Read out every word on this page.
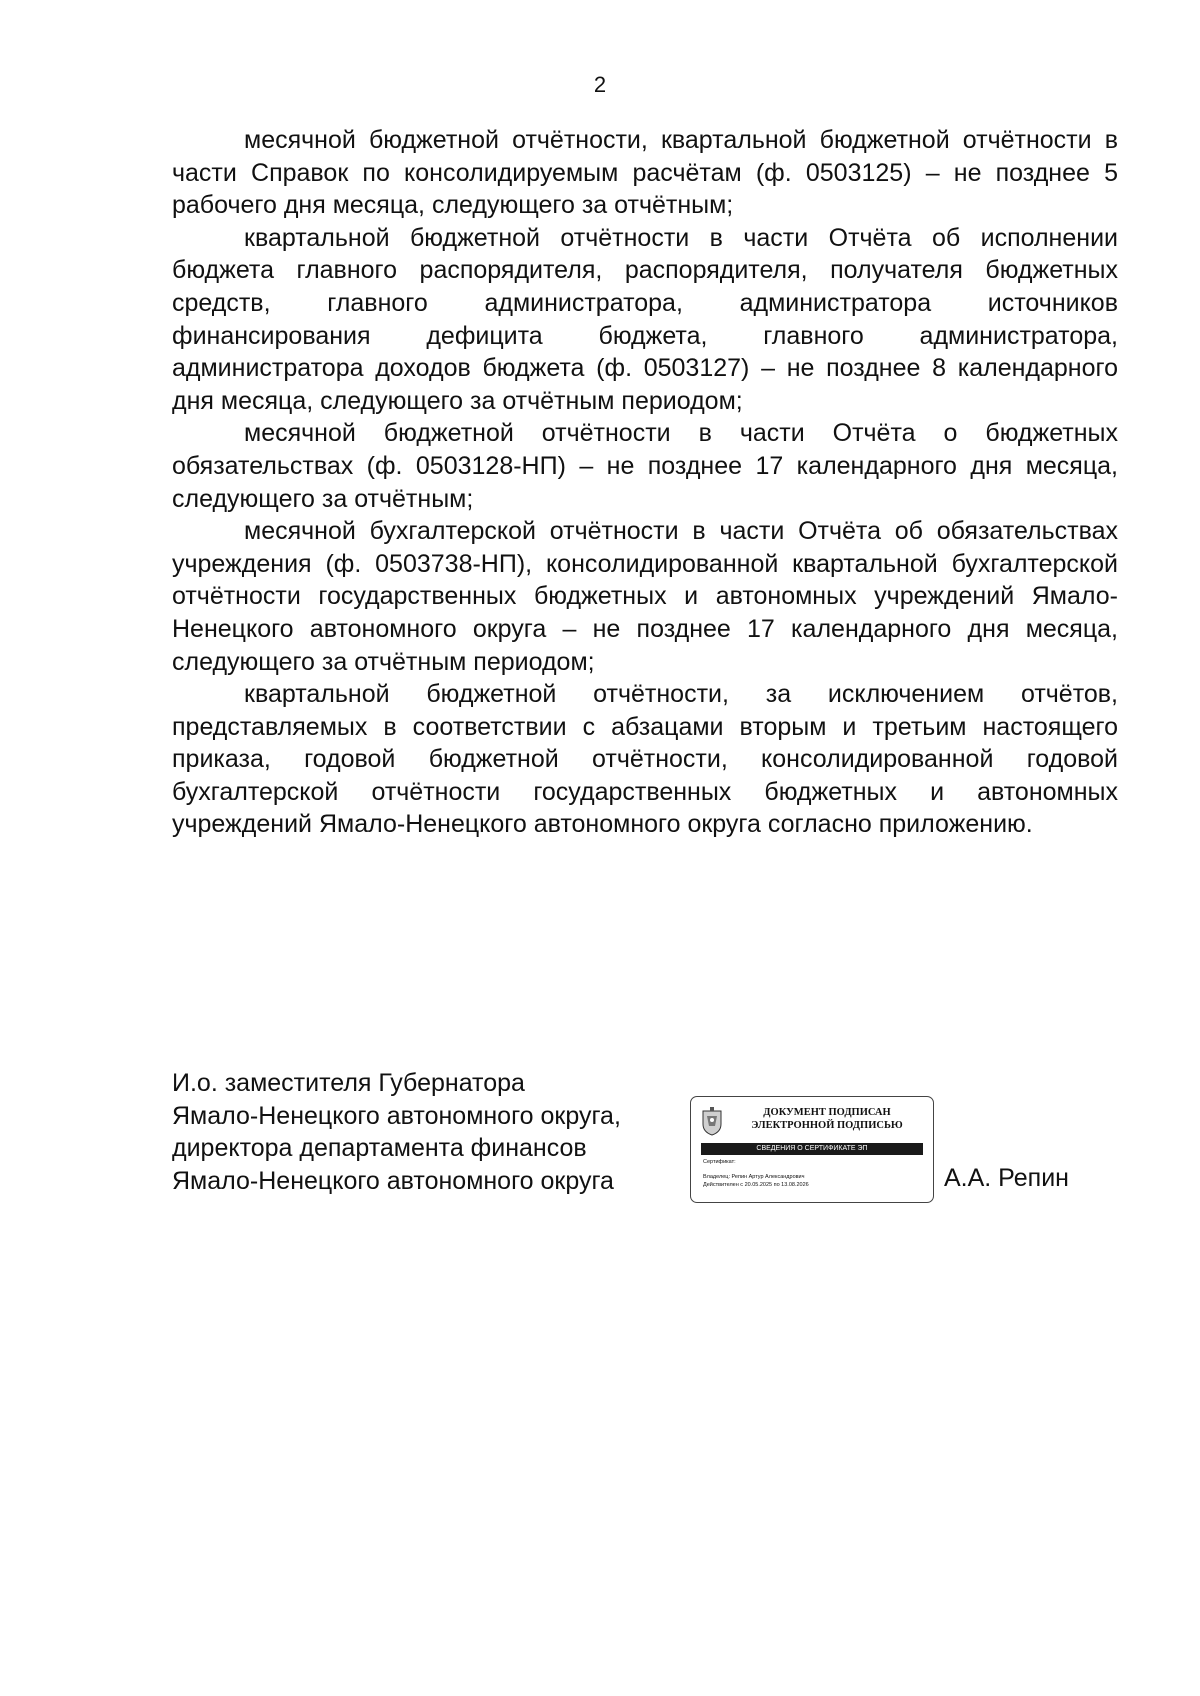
2

месячной бюджетной отчётности, квартальной бюджетной отчётности в части Справок по консолидируемым расчётам (ф. 0503125) – не позднее 5 рабочего дня месяца, следующего за отчётным;

квартальной бюджетной отчётности в части Отчёта об исполнении бюджета главного распорядителя, распорядителя, получателя бюджетных средств, главного администратора, администратора источников финансирования дефицита бюджета, главного администратора, администратора доходов бюджета (ф. 0503127) – не позднее 8 календарного дня месяца, следующего за отчётным периодом;

месячной бюджетной отчётности в части Отчёта о бюджетных обязательствах (ф. 0503128-НП) – не позднее 17 календарного дня месяца, следующего за отчётным;

месячной бухгалтерской отчётности в части Отчёта об обязательствах учреждения (ф. 0503738-НП), консолидированной квартальной бухгалтерской отчётности государственных бюджетных и автономных учреждений Ямало-Ненецкого автономного округа – не позднее 17 календарного дня месяца, следующего за отчётным периодом;

квартальной бюджетной отчётности, за исключением отчётов, представляемых в соответствии с абзацами вторым и третьим настоящего приказа, годовой бюджетной отчётности, консолидированной годовой бухгалтерской отчётности государственных бюджетных и автономных учреждений Ямало-Ненецкого автономного округа согласно приложению.

И.о. заместителя Губернатора
Ямало-Ненецкого автономного округа,
директора департамента финансов
Ямало-Ненецкого автономного округа
ДОКУМЕНТ ПОДПИСАН
ЭЛЕКТРОННОЙ ПОДПИСЬЮ
СВЕДЕНИЯ О СЕРТИФИКАТЕ ЭП
Сертификат:
Владелец: Репин Артур Александрович
Действителен с 20.05.2025 по 13.08.2026	А.А. Репин
